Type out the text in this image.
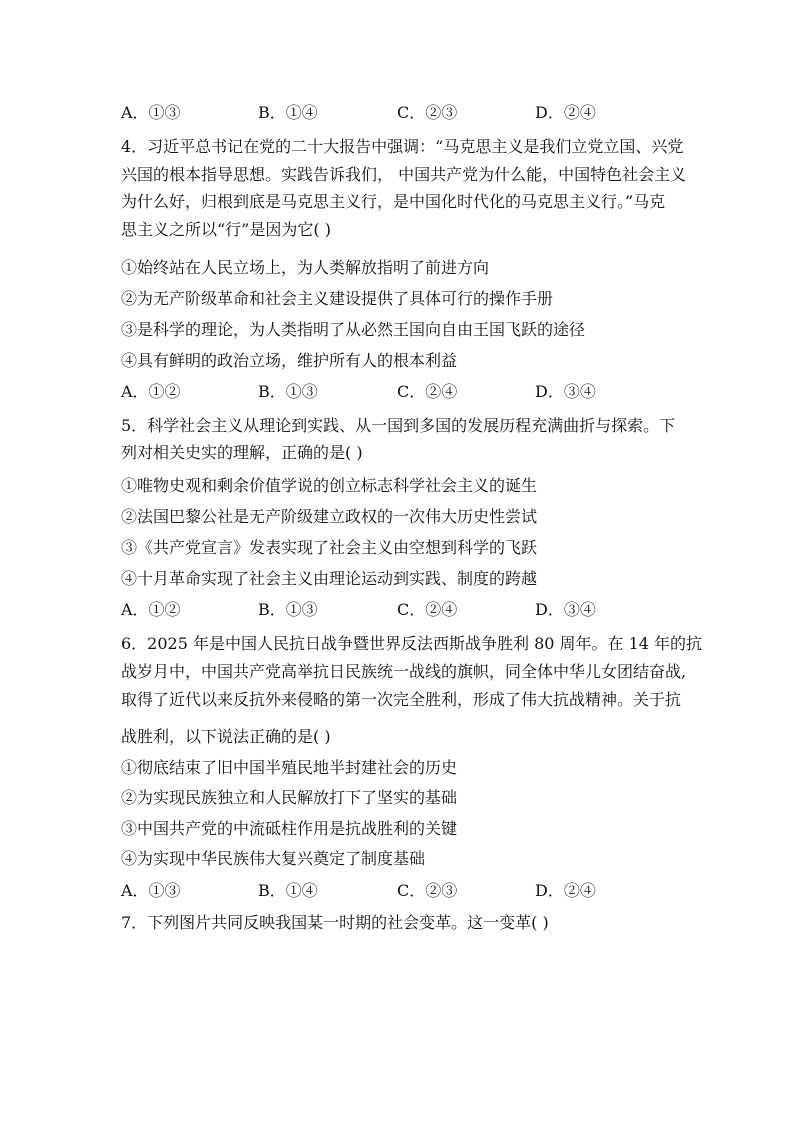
A．①③	B．①④	C．②③	D．②④
4．习近平总书记在党的二十大报告中强调：“马克思主义是我们立党立国、兴党
兴国的根本指导思想。实践告诉我们， 中国共产党为什么能，中国特色社会主义
为什么好，归根到底是马克思主义行，是中国化时代化的马克思主义行。”马克
思主义之所以“行”是因为它( )
①始终站在人民立场上，为人类解放指明了前进方向
②为无产阶级革命和社会主义建设提供了具体可行的操作手册
③是科学的理论，为人类指明了从必然王国向自由王国飞跃的途径
④具有鲜明的政治立场，维护所有人的根本利益
A．①②	B．①③	C．②④	D．③④
5．科学社会主义从理论到实践、从一国到多国的发展历程充满曲折与探索。下
列对相关史实的理解，正确的是( )
①唯物史观和剩余价值学说的创立标志科学社会主义的诞生
②法国巴黎公社是无产阶级建立政权的一次伟大历史性尝试
③《共产党宣言》发表实现了社会主义由空想到科学的飞跃
④十月革命实现了社会主义由理论运动到实践、制度的跨越
A．①②	B．①③	C．②④	D．③④
6．2025 年是中国人民抗日战争暨世界反法西斯战争胜利 80 周年。在 14 年的抗
战岁月中，中国共产党高举抗日民族统一战线的旗帜，同全体中华儿女团结奋战,
取得了近代以来反抗外来侵略的第一次完全胜利，形成了伟大抗战精神。关于抗
战胜利，以下说法正确的是( )
①彻底结束了旧中国半殖民地半封建社会的历史
②为实现民族独立和人民解放打下了坚实的基础
③中国共产党的中流砥柱作用是抗战胜利的关键
④为实现中华民族伟大复兴奠定了制度基础
A．①③	B．①④	C．②③	D．②④
7．下列图片共同反映我国某一时期的社会变革。这一变革( )
